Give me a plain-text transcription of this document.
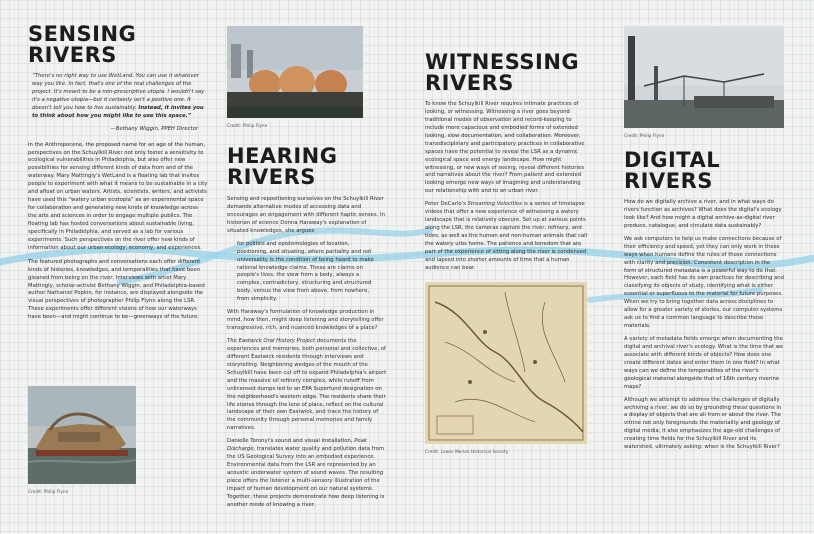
SENSING
RIVERS
“There's no right way to use WetLand. You can use it whatever way you like. In fact, that's one of the real challenges of the project. It's meant to be a non-prescriptive utopia. I wouldn't say it's a negative utopia—but it certainly isn't a positive one. It doesn't tell you how to live sustainably. Instead, it invites you to think about how you might like to use this space.”

—Bethany Wiggin, PPEH Director

In the Anthropocene, the proposed name for an age of the human, perspectives on the Schuylkill River not only foster a sensitivity to ecological vulnerabilities in Philadelphia, but also offer new possibilities for sensing different kinds of data from and of the waterway. Mary Mattingly's WetLand is a floating lab that invites people to experiment with what it means to be sustainable in a city and afloat on urban waters. Artists, scientists, writers, and activists have used this “watery urban ecotopia” as an experimental space for collaboration and generating new kinds of knowledge across the arts and sciences in order to engage multiple publics. The floating lab has hosted conversations about sustainable living, specifically in Philadelphia, and served as a lab for various experiments. Such perspectives on the river offer new kinds of information about our urban ecology, economy, and experiences.

The featured photographs and conversations each offer different kinds of histories, knowledges, and temporalities that have been gleaned from being on the river: Interviews with artist Mary Mattingly, scholar-activist Bethany Wiggin, and Philadelphia-based author Nathaniel Popkin, for instance, are displayed alongside the visual perspectives of photographer Philip Flynn along the LSR. These experiments offer different visions of how our waterways have been—and might continue to be—greenways of the future.

Credit: Philip Flynn
Credit: Philip Flynn
HEARING
RIVERS

Sensing and repositioning ourselves on the Schuylkill River demands alternative modes of accessing data and encourages an engagement with different haptic senses. In historian of science Donna Haraway's explanation of situated knowledges, she argues

for politics and epistemologies of location, positioning, and situating, where partiality and not universality is the condition of being heard to make rational knowledge claims. These are claims on people's lives, the view from a body, always a complex, contradictory, structuring and structured body, versus the view from above, from nowhere, from simplicity.

With Haraway's formulation of knowledge production in mind, how then, might deep listening and storytelling offer transgressive, rich, and nuanced knowledges of a place?

The Eastwick Oral History Project documents the experiences and memories, both personal and collective, of different Eastwick residents through interviews and storytelling. Neighboring wedges of the mouth of the Schuylkill have been cut off to expand Philadelphia's airport and the massive oil refinery complex, while runoff from unlicensed dumps led to an EPA Superfund designation on the neighborhood's western edge. The residents share their life stories through the lens of place, reflect on the cultural landscape of their own Eastwick, and trace the history of the community through personal memories and family narratives.

Danielle Toronyi's sound and visual installation, Peak Discharge, translates water quality and pollution data from the US Geological Survey into an embodied experience. Environmental data from the LSR are represented by an acoustic underwater system of sound waves. The resulting piece offers the listener a multi-sensory illustration of the impact of human development on our natural systems. Together, these projects demonstrate how deep listening is another mode of knowing a river.

WITNESSING
RIVERS

To know the Schuylkill River requires intimate practices of looking, or witnessing. Witnessing a river goes beyond traditional modes of observation and record-keeping to include more capacious and embodied forms of extended looking, slow documentation, and collaboration. Moreover, transdisciplinary and participatory practices in collaborative spaces have the potential to reveal the LSR as a dynamic ecological space and energy landscape. How might witnessing, or new ways of seeing, reveal different histories and narratives about the river? From patient and extended looking emerge new ways of imagining and understanding our relationship with and to an urban river.

Peter DeCarlo's Streaming Velocities is a series of timelapse videos that offer a new experience of witnessing a watery landscape that is relatively obscure. Set up at various points along the LSR, the cameras capture the river, refinery, and tides, as well as the human and non-human animals that call the watery urbs home. The patience and boredom that are part of the experience of sitting along the river is condensed and lapsed into shorter amounts of time that a human audience can bear.

Credit: Lower Merion Historical Society
Credit: Philip Flynn
DIGITAL
RIVERS

How do we digitally archive a river, and in what ways do rivers function as archives? What does the digital's ecology look like? And how might a digital archive-as-digital river produce, catalogue, and circulate data sustainably?

We ask computers to help us make connections because of their efficiency and speed, yet they can only work in these ways when humans define the rules of those connections with clarity and precision. Consistent description in the form of structured metadata is a powerful way to do that. However, each field has its own practices for describing and classifying its objects of study, identifying what is either essential or superfluous to the material for future purposes. When we try to bring together data across disciplines to allow for a greater variety of stories, our computer systems ask us to find a common language to describe those materials.

A variety of metadata fields emerge when documenting the digital and archival river's ecology. What is the time that we associate with different kinds of objects? How does one create different dates and enter them in one field? In what ways can we define the temporalities of the river's geological material alongside that of 16th century riverine maps?

Although we attempt to address the challenges of digitally archiving a river, we do so by grounding these questions in a display of objects that are all from or about the river. The vitrine not only foregrounds the materiality and geology of digital media; it also emphasizes the age-old challenges of creating time fields for the Schuylkill River and its watershed, ultimately asking: when is the Schuylkill River?
